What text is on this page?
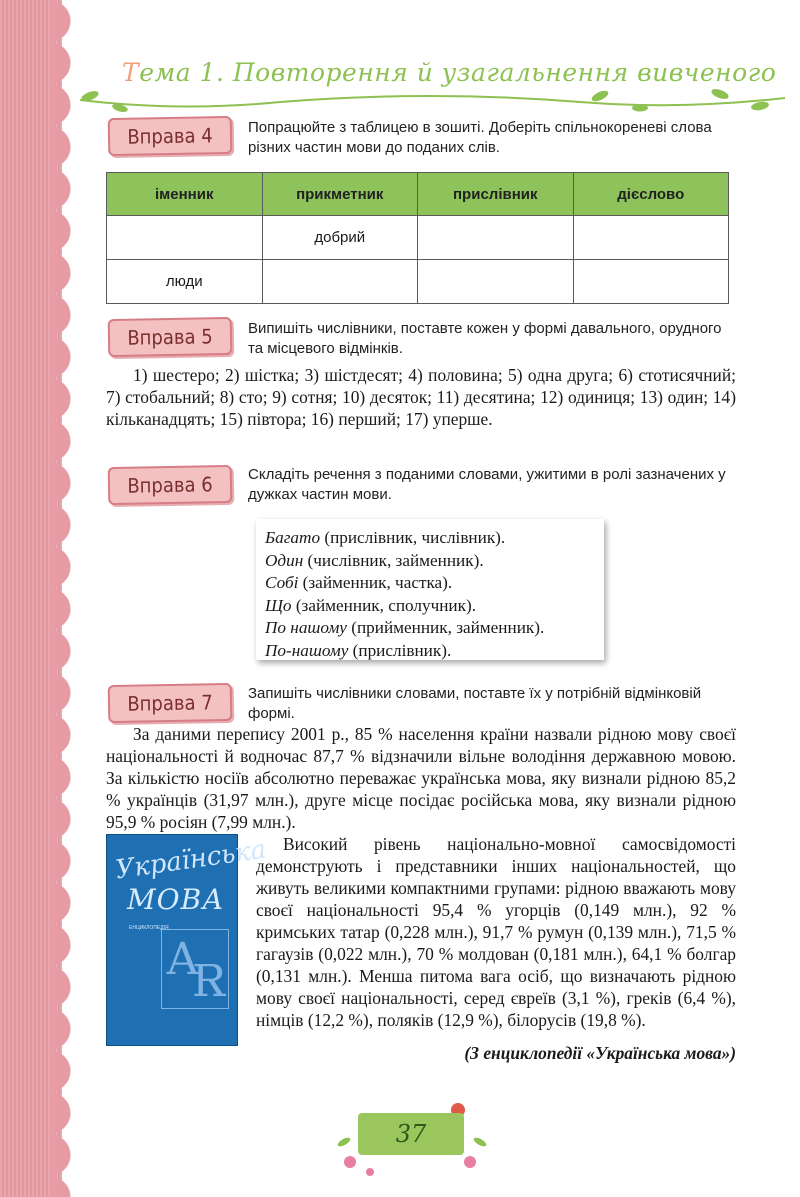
Тема 1. Повторення й узагальнення вивченого
Вправа 4	Попрацюйте з таблицею в зошиті. Доберіть спільнокореневі слова різних частин мови до поданих слів.
іменник	прикметник	прислівник	дієслово
	добрий		
люди			
Вправа 5	Випишіть числівники, поставте кожен у формі давального, орудного та місцевого відмінків.
1) шестеро; 2) шістка; 3) шістдесят; 4) половина; 5) одна друга; 6) стотисячний; 7) стобальний; 8) сто; 9) сотня; 10) десяток; 11) десятина; 12) одиниця; 13) один; 14) кільканадцять; 15) півтора; 16) перший; 17) уперше.
Вправа 6	Складіть речення з поданими словами, ужитими в ролі зазначених у дужках частин мови.
Багато (прислівник, числівник).
Один (числівник, займенник).
Собі (займенник, частка).
Що (займенник, сполучник).
По нашому (прийменник, займенник).
По-нашому (прислівник).
Вправа 7	Запишіть числівники словами, поставте їх у потрібній відмінковій формі.
За даними перепису 2001 р., 85 % населення країни назвали рідною мову своєї національності й водночас 87,7 % відзначили вільне володіння державною мовою. За кількістю носіїв абсолютно переважає українська мова, яку визнали рідною 85,2 % українців (31,97 млн.), друге місце посідає російська мова, яку визнали рідною 95,9 % росіян (7,99 млн.).
Українська
МОВА
ЕНЦИКЛОПЕДІЯ
А
Я
Високий рівень національно-мовної самосвідомості демонструють і представники інших національностей, що живуть великими компактними групами: рідною вважають мову своєї національності 95,4 % угорців (0,149 млн.), 92 % кримських татар (0,228 млн.), 91,7 % румун (0,139 млн.), 71,5 % гагаузів (0,022 млн.), 70 % молдован (0,181 млн.), 64,1 % болгар (0,131 млн.). Менша питома вага осіб, що визначають рідною мову своєї національності, серед євреїв (3,1 %), греків (6,4 %), німців (12,2 %), поляків (12,9 %), білорусів (19,8 %).
(З енциклопедії «Українська мова»)
37
